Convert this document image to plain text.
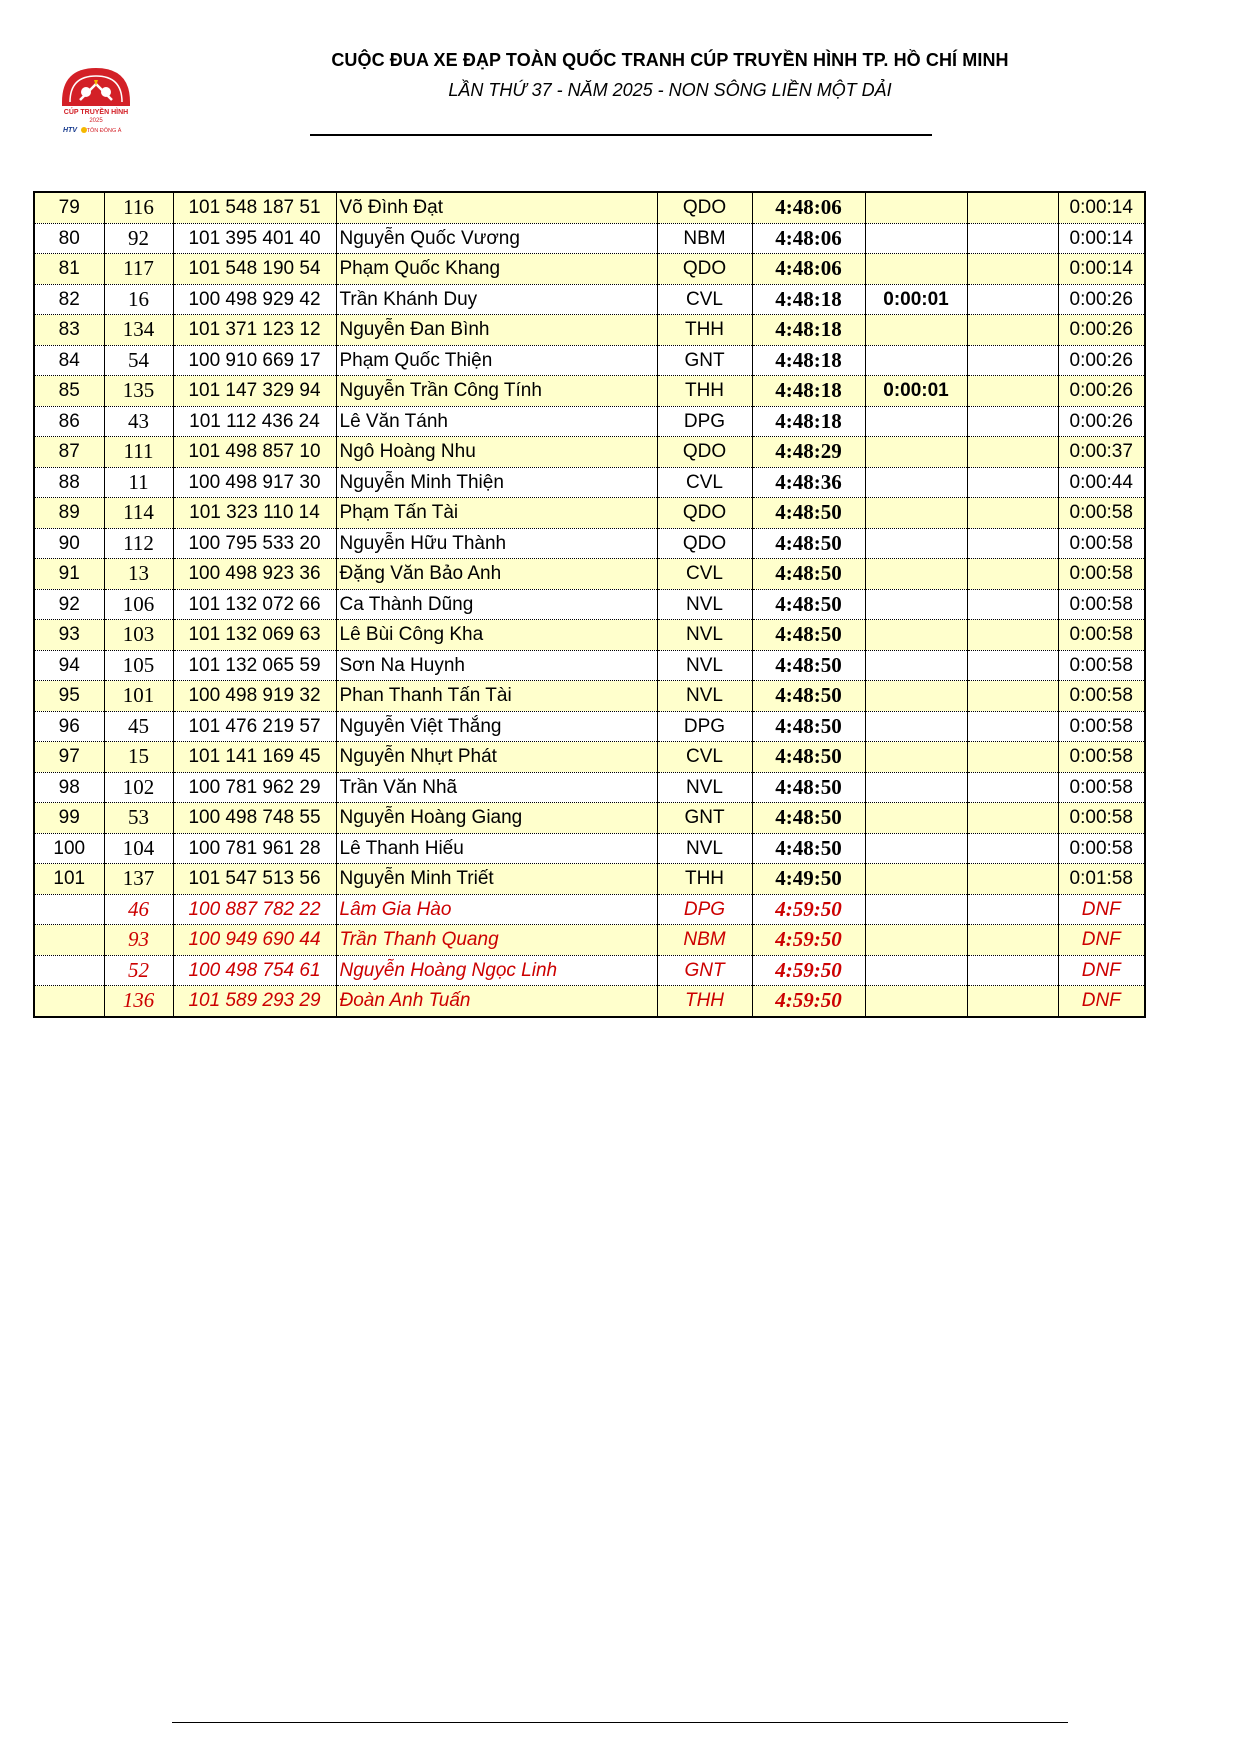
CÚP TRUYỀN HÌNH
2025
HTV TÔN ĐÔNG Á
CUỘC ĐUA XE ĐẠP TOÀN QUỐC TRANH CÚP TRUYỀN HÌNH TP. HỒ CHÍ MINH
LẦN THỨ 37 - NĂM 2025 - NON SÔNG LIỀN MỘT DẢI
79	116	101 548 187 51	Võ Đình Đạt	QDO	4:48:06			0:00:14
80	92	101 395 401 40	Nguyễn Quốc Vương	NBM	4:48:06			0:00:14
81	117	101 548 190 54	Phạm Quốc Khang	QDO	4:48:06			0:00:14
82	16	100 498 929 42	Trần Khánh Duy	CVL	4:48:18	0:00:01		0:00:26
83	134	101 371 123 12	Nguyễn Đan Bình	THH	4:48:18			0:00:26
84	54	100 910 669 17	Phạm Quốc Thiện	GNT	4:48:18			0:00:26
85	135	101 147 329 94	Nguyễn Trần Công Tính	THH	4:48:18	0:00:01		0:00:26
86	43	101 112 436 24	Lê Văn Tánh	DPG	4:48:18			0:00:26
87	111	101 498 857 10	Ngô Hoàng Nhu	QDO	4:48:29			0:00:37
88	11	100 498 917 30	Nguyễn Minh Thiện	CVL	4:48:36			0:00:44
89	114	101 323 110 14	Phạm Tấn Tài	QDO	4:48:50			0:00:58
90	112	100 795 533 20	Nguyễn Hữu Thành	QDO	4:48:50			0:00:58
91	13	100 498 923 36	Đặng Văn Bảo Anh	CVL	4:48:50			0:00:58
92	106	101 132 072 66	Ca Thành Dũng	NVL	4:48:50			0:00:58
93	103	101 132 069 63	Lê Bùi Công Kha	NVL	4:48:50			0:00:58
94	105	101 132 065 59	Sơn Na Huynh	NVL	4:48:50			0:00:58
95	101	100 498 919 32	Phan Thanh Tấn Tài	NVL	4:48:50			0:00:58
96	45	101 476 219 57	Nguyễn Việt Thắng	DPG	4:48:50			0:00:58
97	15	101 141 169 45	Nguyễn Nhựt Phát	CVL	4:48:50			0:00:58
98	102	100 781 962 29	Trần Văn Nhã	NVL	4:48:50			0:00:58
99	53	100 498 748 55	Nguyễn Hoàng Giang	GNT	4:48:50			0:00:58
100	104	100 781 961 28	Lê Thanh Hiếu	NVL	4:48:50			0:00:58
101	137	101 547 513 56	Nguyễn Minh Triết	THH	4:49:50			0:01:58
	46	100 887 782 22	Lâm Gia Hào	DPG	4:59:50			DNF
102	93	100 949 690 44	Trần Thanh Quang	NBM	4:59:50			DNF
	52	100 498 754 61	Nguyễn Hoàng Ngọc Linh	GNT	4:59:50			DNF
104	136	101 589 293 29	Đoàn Anh Tuấn	THH	4:59:50			DNF
